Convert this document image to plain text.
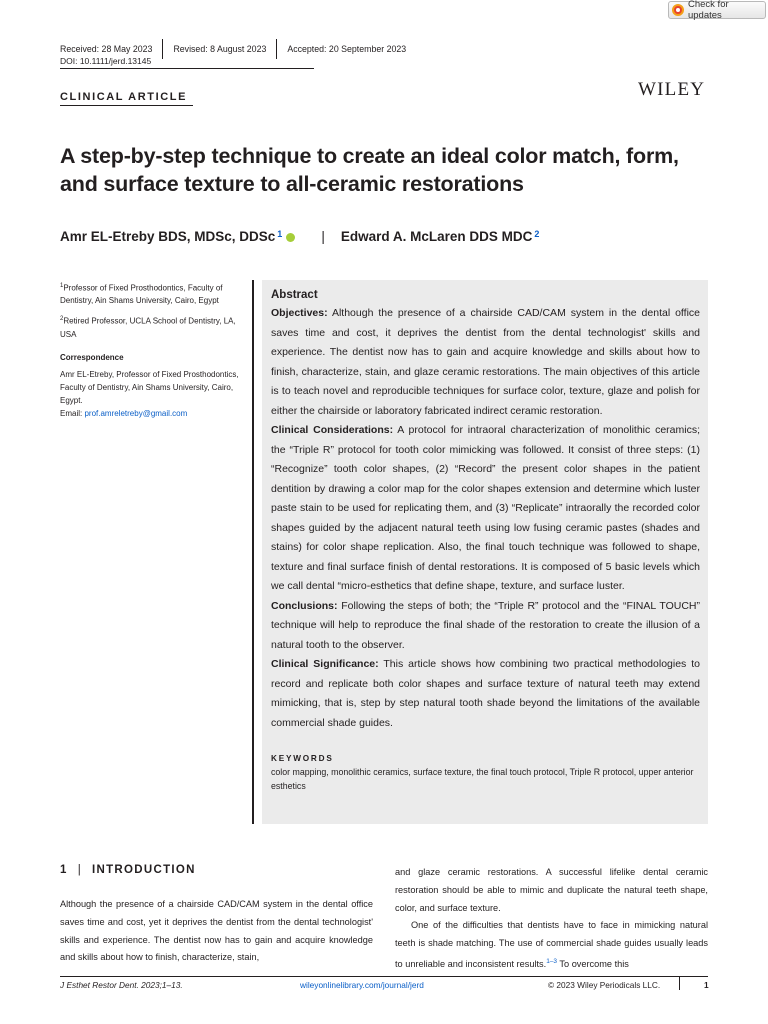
Check for updates
Received: 28 May 2023	Revised: 8 August 2023	Accepted: 20 September 2023
DOI: 10.1111/jerd.13145
CLINICAL ARTICLE	WILEY
A step-by-step technique to create an ideal color match, form, and surface texture to all-ceramic restorations
Amr EL-Etreby BDS, MDSc, DDSc 1	| Edward A. McLaren DDS MDC 2

$^1$Professor of Fixed Prosthodontics, Faculty of Dentistry, Ain Shams University, Cairo, Egypt

$^2$Retired Professor, UCLA School of Dentistry, LA, USA

Correspondence

Amr EL-Etreby, Professor of Fixed Prosthodontics, Faculty of Dentistry, Ain Shams University, Cairo, Egypt.
Email: prof.amreletreby@gmail.com

Abstract
Objectives: Although the presence of a chairside CAD/CAM system in the dental office saves time and cost, it deprives the dentist from the dental technologist' skills and experience. The dentist now has to gain and acquire knowledge and skills about how to finish, characterize, stain, and glaze ceramic restorations. The main objectives of this article is to teach novel and reproducible techniques for surface color, texture, glaze and polish for either the chairside or laboratory fabricated indirect ceramic restoration.
Clinical Considerations: A protocol for intraoral characterization of monolithic ceramics; the “Triple R” protocol for tooth color mimicking was followed. It consist of three steps: (1) “Recognize” tooth color shapes, (2) “Record” the present color shapes in the patient dentition by drawing a color map for the color shapes extension and determine which luster paste stain to be used for replicating them, and (3) “Replicate” intraorally the recorded color shapes guided by the adjacent natural teeth using low fusing ceramic pastes (shades and stains) for color shape replication. Also, the final touch technique was followed to shape, texture and final surface finish of dental restorations. It is composed of 5 basic levels which we call dental “micro-esthetics that define shape, texture, and surface luster.
Conclusions: Following the steps of both; the “Triple R” protocol and the “FINAL TOUCH” technique will help to reproduce the final shade of the restoration to create the illusion of a natural tooth to the observer.
Clinical Significance: This article shows how combining two practical methodologies to record and replicate both color shapes and surface texture of natural teeth may extend mimicking, that is, step by step natural tooth shade beyond the limitations of the available commercial shade guides.
KEYWORDS
color mapping, monolithic ceramics, surface texture, the final touch protocol, Triple R protocol, upper anterior esthetics
1 | INTRODUCTION

Although the presence of a chairside CAD/CAM system in the dental office saves time and cost, yet it deprives the dentist from the dental technologist' skills and experience. The dentist now has to gain and acquire knowledge and skills about how to finish, characterize, stain,

and glaze ceramic restorations. A successful lifelike dental ceramic restoration should be able to mimic and duplicate the natural teeth shape, color, and surface texture.

One of the difficulties that dentists have to face in mimicking natural teeth is shade matching. The use of commercial shade guides usually leads to unreliable and inconsistent results.$^{1-3}$ To overcome this

J Esthet Restor Dent. 2023;1–13.	wileyonlinelibrary.com/journal/jerd	© 2023 Wiley Periodicals LLC.	1
